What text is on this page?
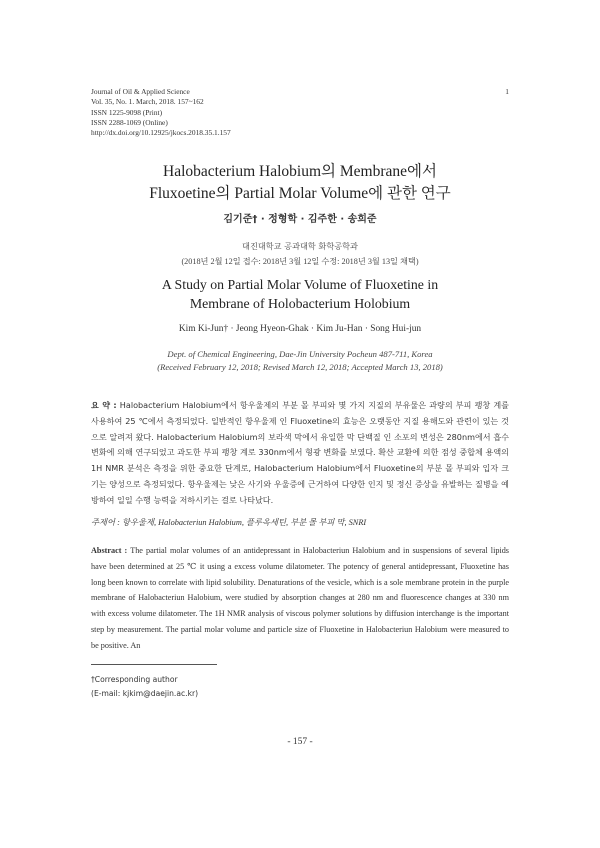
Journal of Oil & Applied Science
Vol. 35, No. 1. March, 2018. 157~162
ISSN 1225-9098 (Print)
ISSN 2288-1069 (Online)
http://dx.doi.org/10.12925/jkocs.2018.35.1.157
1
Halobacterium Halobium의 Membrane에서
Fluxoetine의 Partial Molar Volume에 관한 연구
김기준† · 정형학 · 김주한 · 송희준
대진대학교 공과대학 화학공학과
(2018년 2월 12일 접수: 2018년 3월 12일 수정: 2018년 3월 13일 채택)
A Study on Partial Molar Volume of Fluoxetine in
Membrane of Holobacterium Holobium
Kim Ki-Jun† · Jeong Hyeon-Ghak · Kim Ju-Han · Song Hui-jun
Dept. of Chemical Engineering, Dae-Jin University Pocheun 487-711, Korea
(Received February 12, 2018; Revised March 12, 2018; Accepted March 13, 2018)
요 약 : Halobacterium Halobium에서 항우울제의 부분 몰 부피와 몇 가지 지질의 부유물은 과량의 부피 팽창 계를 사용하여 25 ℃에서 측정되었다. 일반적인 항우울제 인 Fluoxetine의 효능은 오랫동안 지질 용해도와 관련이 있는 것으로 알려져 왔다. Halobacterium Halobium의 보라색 막에서 유일한 막 단백질 인 소포의 변성은 280nm에서 흡수 변화에 의해 연구되었고 과도한 부피 팽창 계로 330nm에서 형광 변화를 보였다. 확산 교환에 의한 점성 중합체 용액의 1H NMR 분석은 측정을 위한 중요한 단계로, Halobacterium Halobium에서 Fluoxetine의 부분 몰 부피와 입자 크기는 양성으로 측정되었다. 항우울제는 낮은 사기와 우울증에 근거하여 다양한 인지 및 정신 증상을 유발하는 질병을 예방하여 일일 수행 능력을 저하시키는 걸로 나타났다.
주제어 : 항우울제, Halobacteriun Halobium, 플루옥세틴, 부분 몰 부피 막, SNRI
Abstract : The partial molar volumes of an antidepressant in Halobacteriun Halobium and in suspensions of several lipids have been determined at 25 ℃ it using a excess volume dilatometer. The potency of general antidepressant, Fluoxetine has long been known to correlate with lipid solubility. Denaturations of the vesicle, which is a sole membrane protein in the purple membrane of Halobacteriun Halobium, were studied by absorption changes at 280 nm and fluorescence changes at 330 nm with excess volume dilatometer. The 1H NMR analysis of viscous polymer solutions by diffusion interchange is the important step by measurement. The partial molar volume and particle size of Fluoxetine in Halobacteriun Halobium were measured to be positive. An
†Corresponding author
(E-mail: kjkim@daejin.ac.kr)
- 157 -
